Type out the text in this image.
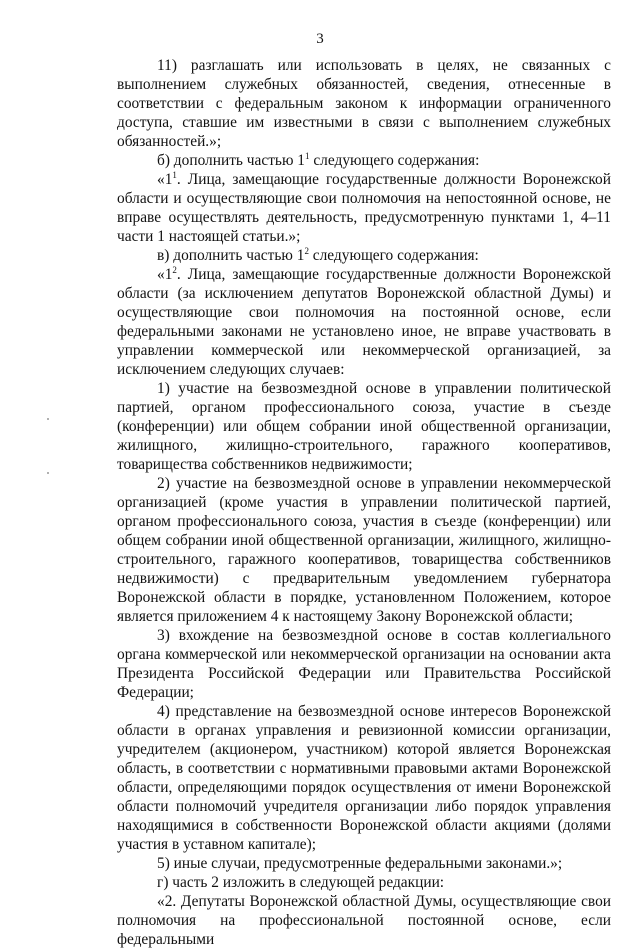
3

11) разглашать или использовать в целях, не связанных с выполнением служебных обязанностей, сведения, отнесенные в соответствии с федеральным законом к информации ограниченного доступа, ставшие им известными в связи с выполнением служебных обязанностей.»;

б) дополнить частью $1^1$ следующего содержания:

«$1^1$. Лица, замещающие государственные должности Воронежской области и осуществляющие свои полномочия на непостоянной основе, не вправе осуществлять деятельность, предусмотренную пунктами 1, 4–11 части 1 настоящей статьи.»;

в) дополнить частью $1^2$ следующего содержания:

«$1^2$. Лица, замещающие государственные должности Воронежской области (за исключением депутатов Воронежской областной Думы) и осуществляющие свои полномочия на постоянной основе, если федеральными законами не установлено иное, не вправе участвовать в управлении коммерческой или некоммерческой организацией, за исключением следующих случаев:

1) участие на безвозмездной основе в управлении политической партией, органом профессионального союза, участие в съезде (конференции) или общем собрании иной общественной организации, жилищного, жилищно-строительного, гаражного кооперативов, товарищества собственников недвижимости;

2) участие на безвозмездной основе в управлении некоммерческой организацией (кроме участия в управлении политической партией, органом профессионального союза, участия в съезде (конференции) или общем собрании иной общественной организации, жилищного, жилищно-строительного, гаражного кооперативов, товарищества собственников недвижимости) с предварительным уведомлением губернатора Воронежской области в порядке, установленном Положением, которое является приложением 4 к настоящему Закону Воронежской области;

3) вхождение на безвозмездной основе в состав коллегиального органа коммерческой или некоммерческой организации на основании акта Президента Российской Федерации или Правительства Российской Федерации;

4) представление на безвозмездной основе интересов Воронежской области в органах управления и ревизионной комиссии организации, учредителем (акционером, участником) которой является Воронежская область, в соответствии с нормативными правовыми актами Воронежской области, определяющими порядок осуществления от имени Воронежской области полномочий учредителя организации либо порядок управления находящимися в собственности Воронежской области акциями (долями участия в уставном капитале);

5) иные случаи, предусмотренные федеральными законами.»;

г) часть 2 изложить в следующей редакции:

«2. Депутаты Воронежской областной Думы, осуществляющие свои полномочия на профессиональной постоянной основе, если федеральными
